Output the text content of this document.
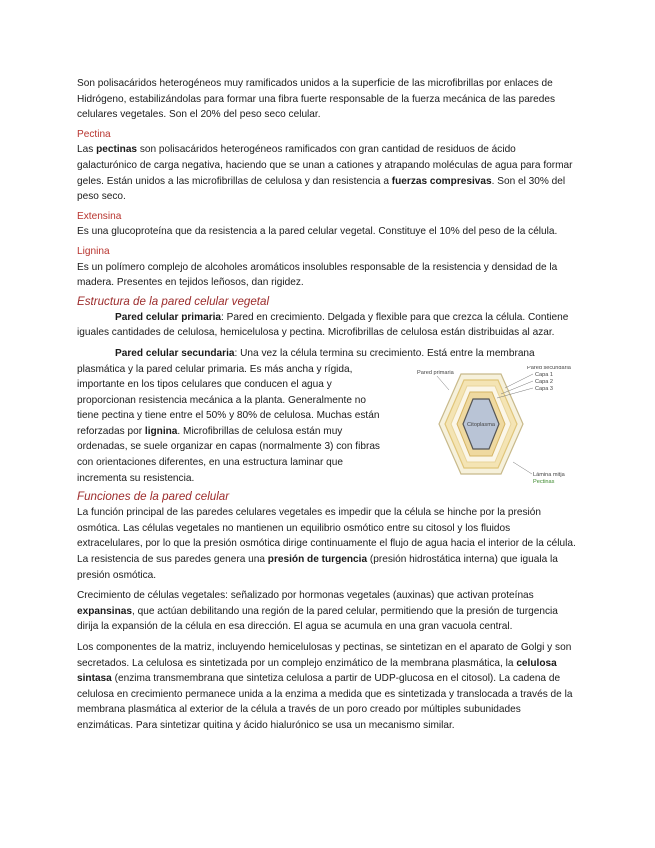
Son polisacáridos heterogéneos muy ramificados unidos a la superficie de las microfibrillas por enlaces de Hidrógeno, estabilizándolas para formar una fibra fuerte responsable de la fuerza mecánica de las paredes celulares vegetales. Son el 20% del peso seco celular.

Pectina

Las pectinas son polisacáridos heterogéneos ramificados con gran cantidad de residuos de ácido galacturónico de carga negativa, haciendo que se unan a cationes y atrapando moléculas de agua para formar geles. Están unidos a las microfibrillas de celulosa y dan resistencia a fuerzas compresivas. Son el 30% del peso seco.

Extensina

Es una glucoproteína que da resistencia a la pared celular vegetal. Constituye el 10% del peso de la célula.

Lignina

Es un polímero complejo de alcoholes aromáticos insolubles responsable de la resistencia y densidad de la madera. Presentes en tejidos leñosos, dan rigidez.

Estructura de la pared celular vegetal

Pared celular primaria: Pared en crecimiento. Delgada y flexible para que crezca la célula. Contiene iguales cantidades de celulosa, hemicelulosa y pectina. Microfibrillas de celulosa están distribuidas al azar.

Pared celular secundaria: Una vez la célula termina su crecimiento. Está entre la membrana

plasmática y la pared celular primaria. Es más ancha y rígida, importante en los tipos celulares que conducen el agua y proporcionan resistencia mecánica a la planta. Generalmente no tiene pectina y tiene entre el 50% y 80% de celulosa. Muchas están reforzadas por lignina. Microfibrillas de celulosa están muy ordenadas, se suele organizar en capas (normalmente 3) con fibras con orientaciones diferentes, en una estructura laminar que incrementa su resistencia.

Citoplasma
Pared primaria
Pared secundaria
Capa 1
Capa 2
Capa 3
Lámina mitja
Pectinas
Funciones de la pared celular

La función principal de las paredes celulares vegetales es impedir que la célula se hinche por la presión osmótica. Las células vegetales no mantienen un equilibrio osmótico entre su citosol y los fluidos extracelulares, por lo que la presión osmótica dirige continuamente el flujo de agua hacia el interior de la célula. La resistencia de sus paredes genera una presión de turgencia (presión hidrostática interna) que iguala la presión osmótica.

Crecimiento de células vegetales: señalizado por hormonas vegetales (auxinas) que activan proteínas expansinas, que actúan debilitando una región de la pared celular, permitiendo que la presión de turgencia dirija la expansión de la célula en esa dirección. El agua se acumula en una gran vacuola central.

Los componentes de la matriz, incluyendo hemicelulosas y pectinas, se sintetizan en el aparato de Golgi y son secretados. La celulosa es sintetizada por un complejo enzimático de la membrana plasmática, la celulosa sintasa (enzima transmembrana que sintetiza celulosa a partir de UDP-glucosa en el citosol). La cadena de celulosa en crecimiento permanece unida a la enzima a medida que es sintetizada y translocada a través de la membrana plasmática al exterior de la célula a través de un poro creado por múltiples subunidades enzimáticas. Para sintetizar quitina y ácido hialurónico se usa un mecanismo similar.
